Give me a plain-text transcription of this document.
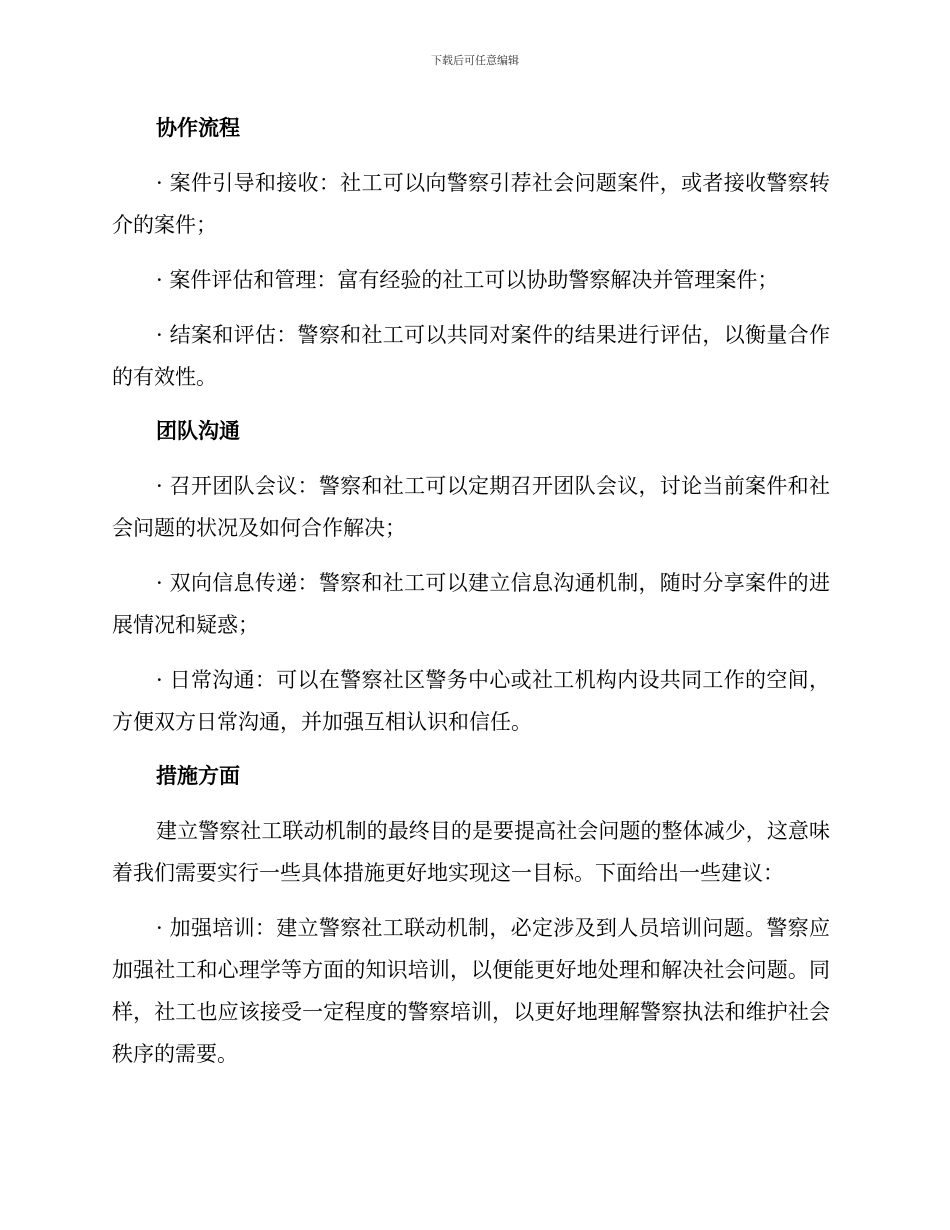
下载后可任意编辑
协作流程

· 案件引导和接收：社工可以向警察引荐社会问题案件，或者接收警察转介的案件；

· 案件评估和管理：富有经验的社工可以协助警察解决并管理案件；

· 结案和评估：警察和社工可以共同对案件的结果进行评估，以衡量合作的有效性。

团队沟通

· 召开团队会议：警察和社工可以定期召开团队会议，讨论当前案件和社会问题的状况及如何合作解决；

· 双向信息传递：警察和社工可以建立信息沟通机制，随时分享案件的进展情况和疑惑；

· 日常沟通：可以在警察社区警务中心或社工机构内设共同工作的空间，方便双方日常沟通，并加强互相认识和信任。

措施方面

建立警察社工联动机制的最终目的是要提高社会问题的整体减少，这意味着我们需要实行一些具体措施更好地实现这一目标。下面给出一些建议：

· 加强培训：建立警察社工联动机制，必定涉及到人员培训问题。警察应加强社工和心理学等方面的知识培训，以便能更好地处理和解决社会问题。同样，社工也应该接受一定程度的警察培训，以更好地理解警察执法和维护社会秩序的需要。
